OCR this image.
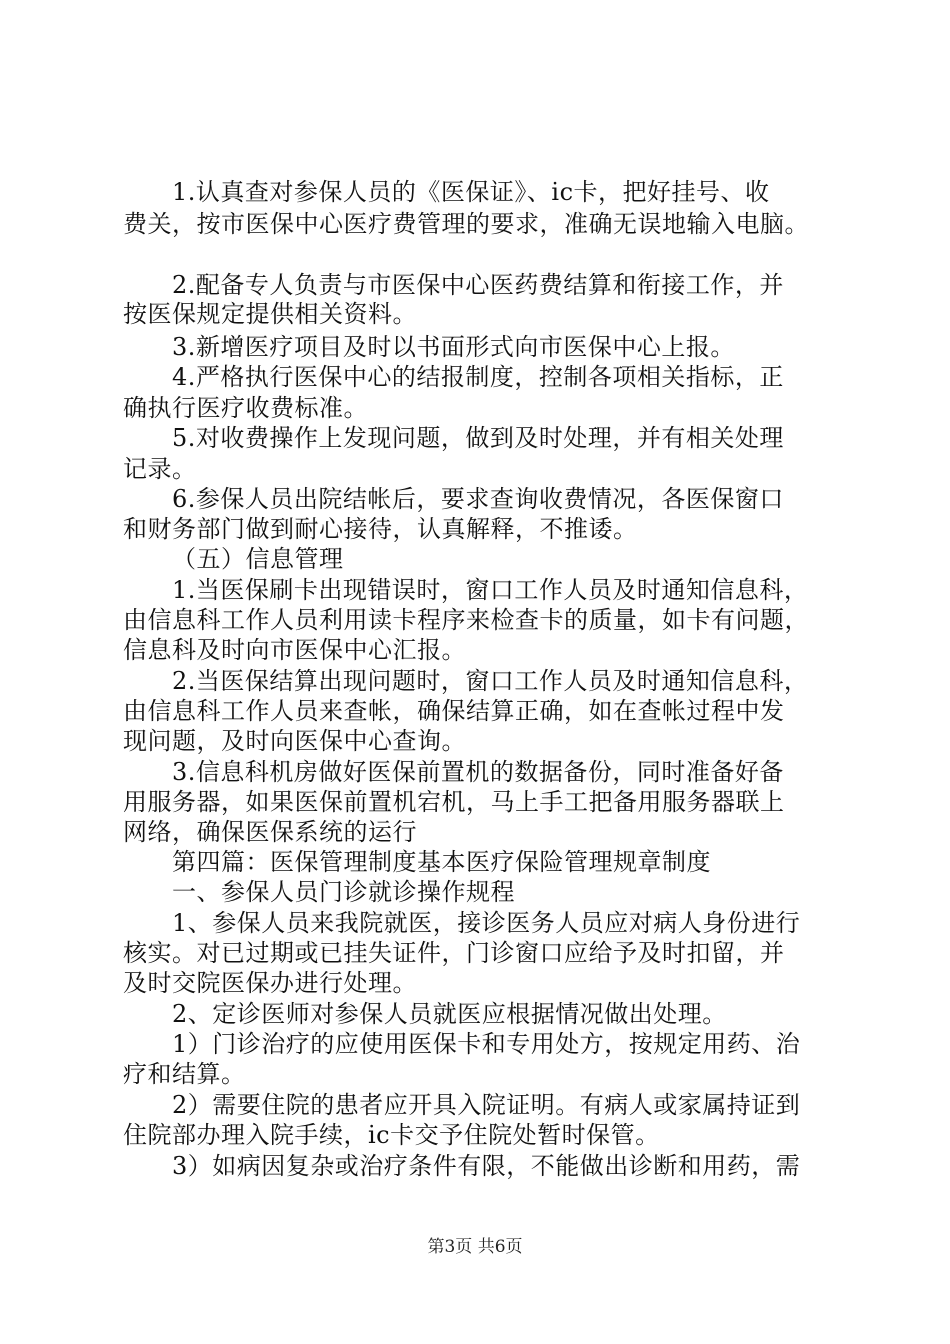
1.认真查对参保人员的《医保证》、ic卡，把好挂号、收
费关，按市医保中心医疗费管理的要求，准确无误地输入电脑。
2.配备专人负责与市医保中心医药费结算和衔接工作，并
按医保规定提供相关资料。
3.新增医疗项目及时以书面形式向市医保中心上报。
4.严格执行医保中心的结报制度，控制各项相关指标，正
确执行医疗收费标准。
5.对收费操作上发现问题，做到及时处理，并有相关处理
记录。
6.参保人员出院结帐后，要求查询收费情况，各医保窗口
和财务部门做到耐心接待，认真解释，不推诿。
（五）信息管理
1.当医保刷卡出现错误时，窗口工作人员及时通知信息科，
由信息科工作人员利用读卡程序来检查卡的质量，如卡有问题，
信息科及时向市医保中心汇报。
2.当医保结算出现问题时，窗口工作人员及时通知信息科，
由信息科工作人员来查帐，确保结算正确，如在查帐过程中发
现问题，及时向医保中心查询。
3.信息科机房做好医保前置机的数据备份，同时准备好备
用服务器，如果医保前置机宕机，马上手工把备用服务器联上
网络，确保医保系统的运行
第四篇：医保管理制度基本医疗保险管理规章制度
一、参保人员门诊就诊操作规程
1、参保人员来我院就医，接诊医务人员应对病人身份进行
核实。对已过期或已挂失证件，门诊窗口应给予及时扣留，并
及时交院医保办进行处理。
2、定诊医师对参保人员就医应根据情况做出处理。
1）门诊治疗的应使用医保卡和专用处方，按规定用药、治
疗和结算。
2）需要住院的患者应开具入院证明。有病人或家属持证到
住院部办理入院手续，ic卡交予住院处暂时保管。
3）如病因复杂或治疗条件有限，不能做出诊断和用药，需
第3页 共6页
